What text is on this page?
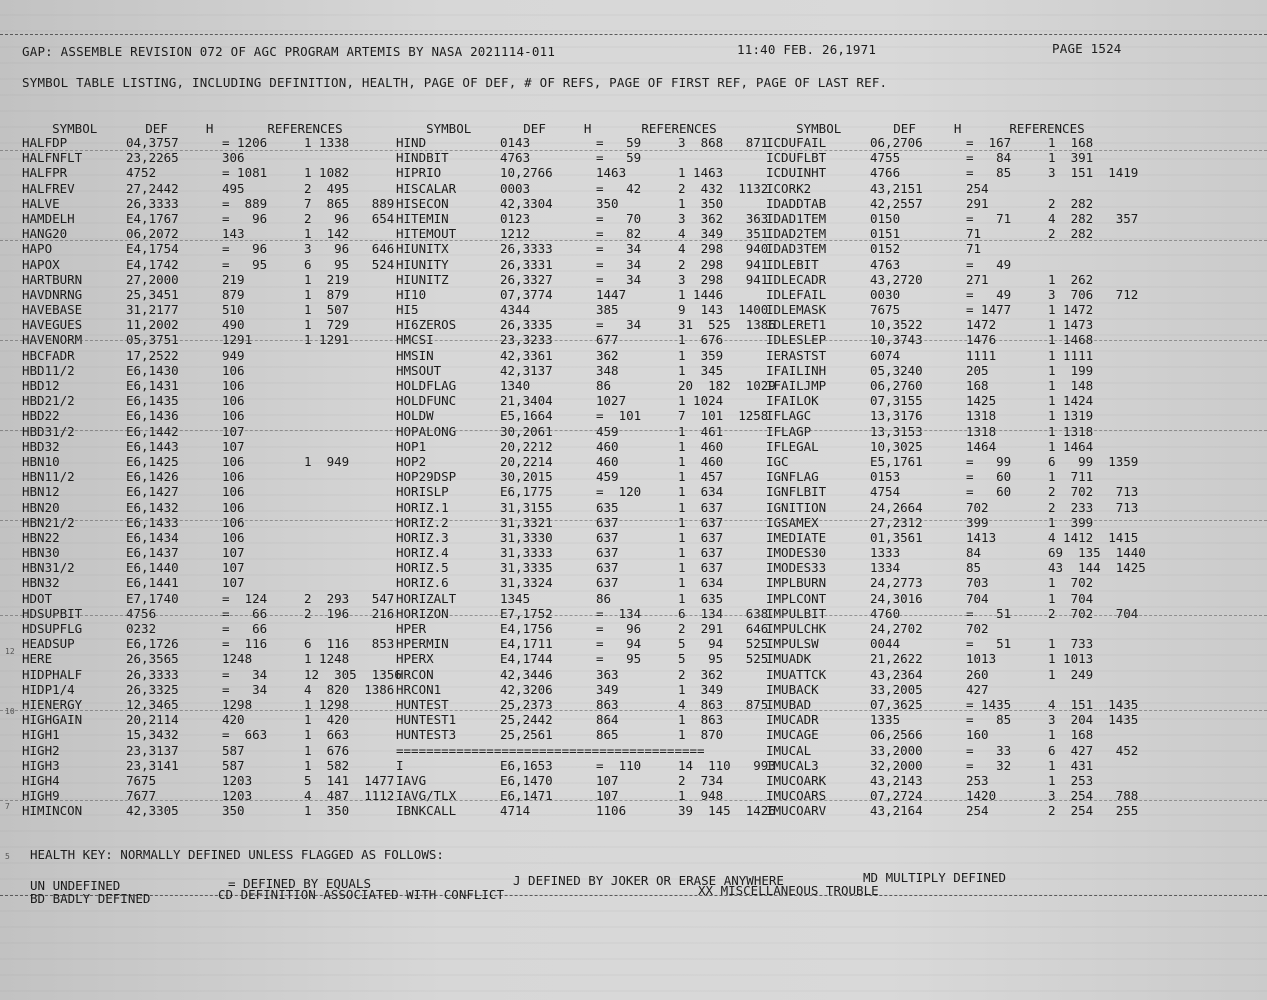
GAP: ASSEMBLE REVISION 072 OF AGC PROGRAM ARTEMIS BY NASA 2021114-011	11:40 FEB. 26,1971	PAGE 1524
SYMBOL TABLE LISTING, INCLUDING DEFINITION, HEALTH, PAGE OF DEF, # OF REFS, PAGE OF FIRST REF, PAGE OF LAST REF.

SYMBOL	DEF	H	REFERENCES
	SYMBOL	DEF	H	REFERENCES
	SYMBOL	DEF	H	REFERENCES

HALFDP	04,3757	= 1206	1 1338
HALFNFLT	23,2265	306
HALFPR	4752	= 1081	1 1082
HALFREV	27,2442	495	2  495
HALVE	26,3333	=  889	7  865   889
HAMDELH	E4,1767	=   96	2   96   654
HANG20	06,2072	143	1  142
HAPO	E4,1754	=   96	3   96   646
HAPOX	E4,1742	=   95	6   95   524
HARTBURN	27,2000	219	1  219
HAVDNRNG	25,3451	879	1  879
HAVEBASE	31,2177	510	1  507
HAVEGUES	11,2002	490	1  729
HAVENORM	05,3751	1291	1 1291
HBCFADR	17,2522	949
HBD11/2	E6,1430	106
HBD12	E6,1431	106
HBD21/2	E6,1435	106
HBD22	E6,1436	106
HBD31/2	E6,1442	107
HBD32	E6,1443	107
HBN10	E6,1425	106	1  949
HBN11/2	E6,1426	106
HBN12	E6,1427	106
HBN20	E6,1432	106
HBN21/2	E6,1433	106
HBN22	E6,1434	106
HBN30	E6,1437	107
HBN31/2	E6,1440	107
HBN32	E6,1441	107
HDOT	E7,1740	=  124	2  293   547
HDSUPBIT	4756	=   66	2  196   216
HDSUPFLG	0232	=   66
HEADSUP	E6,1726	=  116	6  116   853
HERE	26,3565	1248	1 1248
HIDPHALF	26,3333	=   34	12  305  1356
HIDP1/4	26,3325	=   34	4  820  1386
HIENERGY	12,3465	1298	1 1298
HIGHGAIN	20,2114	420	1  420
HIGH1	15,3432	=  663	1  663
HIGH2	23,3137	587	1  676
HIGH3	23,3141	587	1  582
HIGH4	7675	1203	5  141  1477
HIGH9	7677	1203	4  487  1112
HIMINCON	42,3305	350	1  350
HIND	0143	=   59	3  868   871
HINDBIT	4763	=   59
HIPRIO	10,2766	1463	1 1463
HISCALAR	0003	=   42	2  432  1132
HISECON	42,3304	350	1  350
HITEMIN	0123	=   70	3  362   363
HITEMOUT	1212	=   82	4  349   351
HIUNITX	26,3333	=   34	4  298   940
HIUNITY	26,3331	=   34	2  298   941
HIUNITZ	26,3327	=   34	3  298   941
HI10	07,3774	1447	1 1446
HI5	4344	385	9  143  1400
HI6ZEROS	26,3335	=   34	31  525  1386
HMCSI	23,3233	677	1  676
HMSIN	42,3361	362	1  359
HMSOUT	42,3137	348	1  345
HOLDFLAG	1340	86	20  182  1029
HOLDFUNC	21,3404	1027	1 1024
HOLDW	E5,1664	=  101	7  101  1258
HOPALONG	30,2061	459	1  461
HOP1	20,2212	460	1  460
HOP2	20,2214	460	1  460
HOP29DSP	30,2015	459	1  457
HORISLP	E6,1775	=  120	1  634
HORIZ.1	31,3155	635	1  637
HORIZ.2	31,3321	637	1  637
HORIZ.3	31,3330	637	1  637
HORIZ.4	31,3333	637	1  637
HORIZ.5	31,3335	637	1  637
HORIZ.6	31,3324	637	1  634
HORIZALT	1345	86	1  635
HORIZON	E7,1752	=  134	6  134   638
HPER	E4,1756	=   96	2  291   646
HPERMIN	E4,1711	=   94	5   94   525
HPERX	E4,1744	=   95	5   95   525
HRCON	42,3446	363	2  362
HRCON1	42,3206	349	1  349
HUNTEST	25,2373	863	4  863   875
HUNTEST1	25,2442	864	1  863
HUNTEST3	25,2561	865	1  870
=========================================
I	E6,1653	=  110	14  110   993
IAVG	E6,1470	107	2  734
IAVG/TLX	E6,1471	107	1  948
IBNKCALL	4714	1106	39  145  1426
ICDUFAIL	06,2706	=  167	1  168
ICDUFLBT	4755	=   84	1  391
ICDUINHT	4766	=   85	3  151  1419
ICORK2	43,2151	254
IDADDTAB	42,2557	291	2  282
IDAD1TEM	0150	=   71	4  282   357
IDAD2TEM	0151	71	2  282
IDAD3TEM	0152	71
IDLEBIT	4763	=   49
IDLECADR	43,2720	271	1  262
IDLEFAIL	0030	=   49	3  706   712
IDLEMASK	7675	= 1477	1 1472
IDLERET1	10,3522	1472	1 1473
IDLESLEP	10,3743	1476	1 1468
IERASTST	6074	1111	1 1111
IFAILINH	05,3240	205	1  199
IFAILJMP	06,2760	168	1  148
IFAILOK	07,3155	1425	1 1424
IFLAGC	13,3176	1318	1 1319
IFLAGP	13,3153	1318	1 1318
IFLEGAL	10,3025	1464	1 1464
IGC	E5,1761	=   99	6   99  1359
IGNFLAG	0153	=   60	1  711
IGNFLBIT	4754	=   60	2  702   713
IGNITION	24,2664	702	2  233   713
IGSAMEX	27,2312	399	1  399
IMEDIATE	01,3561	1413	4 1412  1415
IMODES30	1333	84	69  135  1440
IMODES33	1334	85	43  144  1425
IMPLBURN	24,2773	703	1  702
IMPLCONT	24,3016	704	1  704
IMPULBIT	4760	=   51	2  702   704
IMPULCHK	24,2702	702
IMPULSW	0044	=   51	1  733
IMUADK	21,2622	1013	1 1013
IMUATTCK	43,2364	260	1  249
IMUBACK	33,2005	427
IMUBAD	07,3625	= 1435	4  151  1435
IMUCADR	1335	=   85	3  204  1435
IMUCAGE	06,2566	160	1  168
IMUCAL	33,2000	=   33	6  427   452
IMUCAL3	32,2000	=   32	1  431
IMUCOARK	43,2143	253	1  253
IMUCOARS	07,2724	1420	3  254   788
IMUCOARV	43,2164	254	2  254   255
12
10
7
5 HEALTH KEY: NORMALLY DEFINED UNLESS FLAGGED AS FOLLOWS:
UN UNDEFINED	= DEFINED BY EQUALS	J DEFINED BY JOKER OR ERASE ANYWHERE	MD MULTIPLY DEFINED
BD BADLY DEFINED	CD DEFINITION ASSOCIATED WITH CONFLICT	XX MISCELLANEOUS TROUBLE
